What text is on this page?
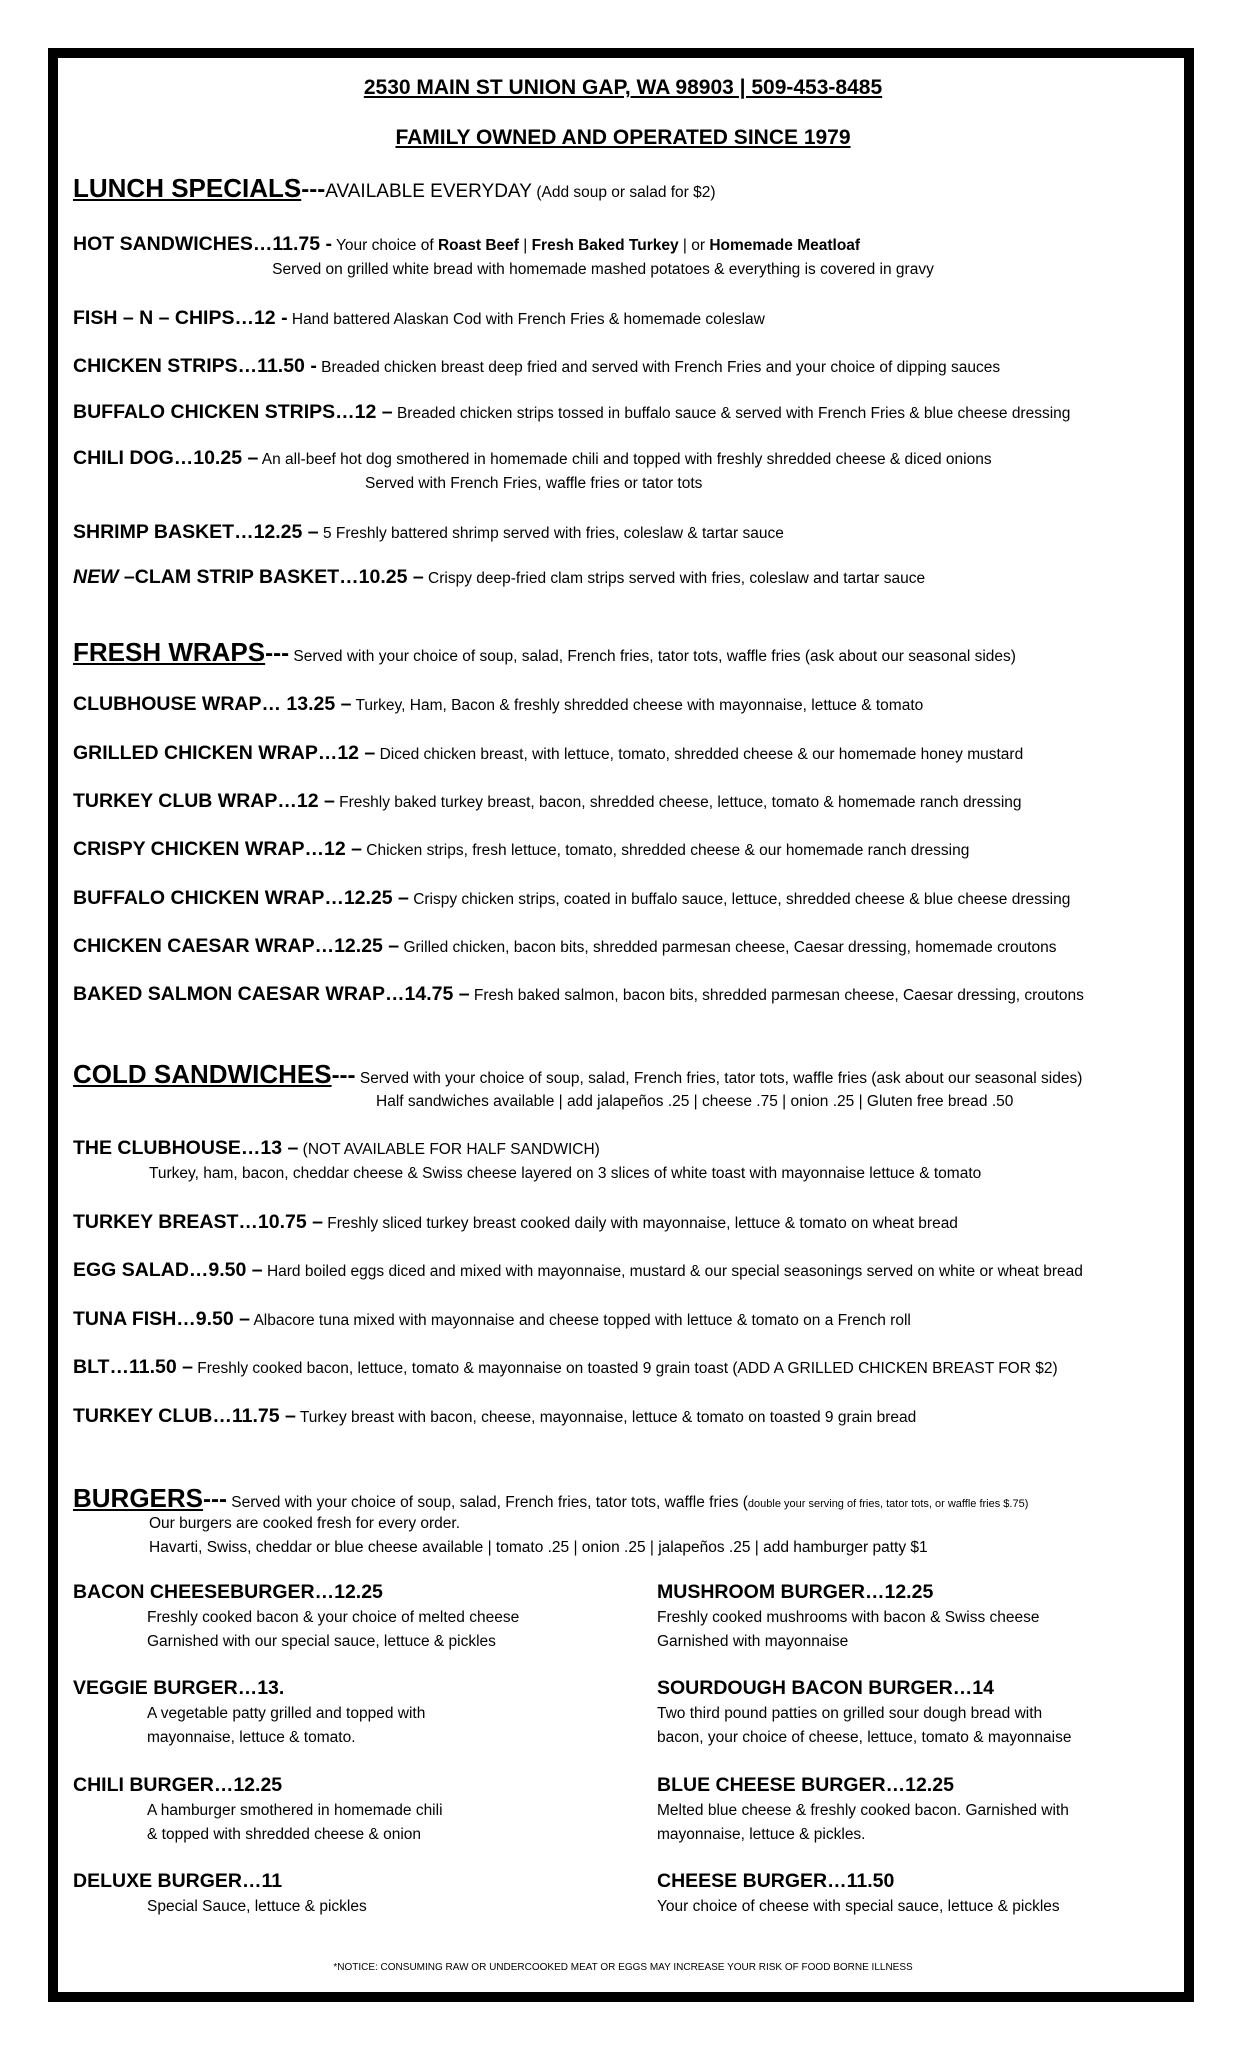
2530 MAIN ST UNION GAP, WA 98903 | 509-453-8485
FAMILY OWNED AND OPERATED SINCE 1979
LUNCH SPECIALS---AVAILABLE EVERYDAY (Add soup or salad for $2)
HOT SANDWICHES…11.75 - Your choice of Roast Beef | Fresh Baked Turkey | or Homemade Meatloaf
Served on grilled white bread with homemade mashed potatoes & everything is covered in gravy
FISH – N – CHIPS…12 - Hand battered Alaskan Cod with French Fries & homemade coleslaw
CHICKEN STRIPS…11.50 - Breaded chicken breast deep fried and served with French Fries and your choice of dipping sauces
BUFFALO CHICKEN STRIPS…12 – Breaded chicken strips tossed in buffalo sauce & served with French Fries & blue cheese dressing
CHILI DOG…10.25 – An all-beef hot dog smothered in homemade chili and topped with freshly shredded cheese & diced onions
Served with French Fries, waffle fries or tator tots
SHRIMP BASKET…12.25 – 5 Freshly battered shrimp served with fries, coleslaw & tartar sauce
NEW –CLAM STRIP BASKET…10.25 – Crispy deep-fried clam strips served with fries, coleslaw and tartar sauce
FRESH WRAPS--- Served with your choice of soup, salad, French fries, tator tots, waffle fries (ask about our seasonal sides)
CLUBHOUSE WRAP… 13.25 – Turkey, Ham, Bacon & freshly shredded cheese with mayonnaise, lettuce & tomato
GRILLED CHICKEN WRAP…12 – Diced chicken breast, with lettuce, tomato, shredded cheese & our homemade honey mustard
TURKEY CLUB WRAP…12 – Freshly baked turkey breast, bacon, shredded cheese, lettuce, tomato & homemade ranch dressing
CRISPY CHICKEN WRAP…12 – Chicken strips, fresh lettuce, tomato, shredded cheese & our homemade ranch dressing
BUFFALO CHICKEN WRAP…12.25 – Crispy chicken strips, coated in buffalo sauce, lettuce, shredded cheese & blue cheese dressing
CHICKEN CAESAR WRAP…12.25 – Grilled chicken, bacon bits, shredded parmesan cheese, Caesar dressing, homemade croutons
BAKED SALMON CAESAR WRAP…14.75 – Fresh baked salmon, bacon bits, shredded parmesan cheese, Caesar dressing, croutons
COLD SANDWICHES--- Served with your choice of soup, salad, French fries, tator tots, waffle fries (ask about our seasonal sides)
Half sandwiches available | add jalapeños .25 | cheese .75 | onion .25 | Gluten free bread .50
THE CLUBHOUSE…13 – (NOT AVAILABLE FOR HALF SANDWICH)
Turkey, ham, bacon, cheddar cheese & Swiss cheese layered on 3 slices of white toast with mayonnaise lettuce & tomato
TURKEY BREAST…10.75 – Freshly sliced turkey breast cooked daily with mayonnaise, lettuce & tomato on wheat bread
EGG SALAD…9.50 – Hard boiled eggs diced and mixed with mayonnaise, mustard & our special seasonings served on white or wheat bread
TUNA FISH…9.50 – Albacore tuna mixed with mayonnaise and cheese topped with lettuce & tomato on a French roll
BLT…11.50 – Freshly cooked bacon, lettuce, tomato & mayonnaise on toasted 9 grain toast (ADD A GRILLED CHICKEN BREAST FOR $2)
TURKEY CLUB…11.75 – Turkey breast with bacon, cheese, mayonnaise, lettuce & tomato on toasted 9 grain bread
BURGERS--- Served with your choice of soup, salad, French fries, tator tots, waffle fries (double your serving of fries, tator tots, or waffle fries $.75)
Our burgers are cooked fresh for every order.
Havarti, Swiss, cheddar or blue cheese available | tomato .25 | onion .25 | jalapeños .25 | add hamburger patty $1
BACON CHEESEBURGER…12.25
Freshly cooked bacon & your choice of melted cheese
Garnished with our special sauce, lettuce & pickles
VEGGIE BURGER…13.
A vegetable patty grilled and topped with
mayonnaise, lettuce & tomato.
CHILI BURGER…12.25
A hamburger smothered in homemade chili
& topped with shredded cheese & onion
DELUXE BURGER…11
Special Sauce, lettuce & pickles
MUSHROOM BURGER…12.25
Freshly cooked mushrooms with bacon & Swiss cheese
Garnished with mayonnaise
SOURDOUGH BACON BURGER…14
Two third pound patties on grilled sour dough bread with
bacon, your choice of cheese, lettuce, tomato & mayonnaise
BLUE CHEESE BURGER…12.25
Melted blue cheese & freshly cooked bacon. Garnished with
mayonnaise, lettuce & pickles.
CHEESE BURGER…11.50
Your choice of cheese with special sauce, lettuce & pickles
*NOTICE: CONSUMING RAW OR UNDERCOOKED MEAT OR EGGS MAY INCREASE YOUR RISK OF FOOD BORNE ILLNESS
